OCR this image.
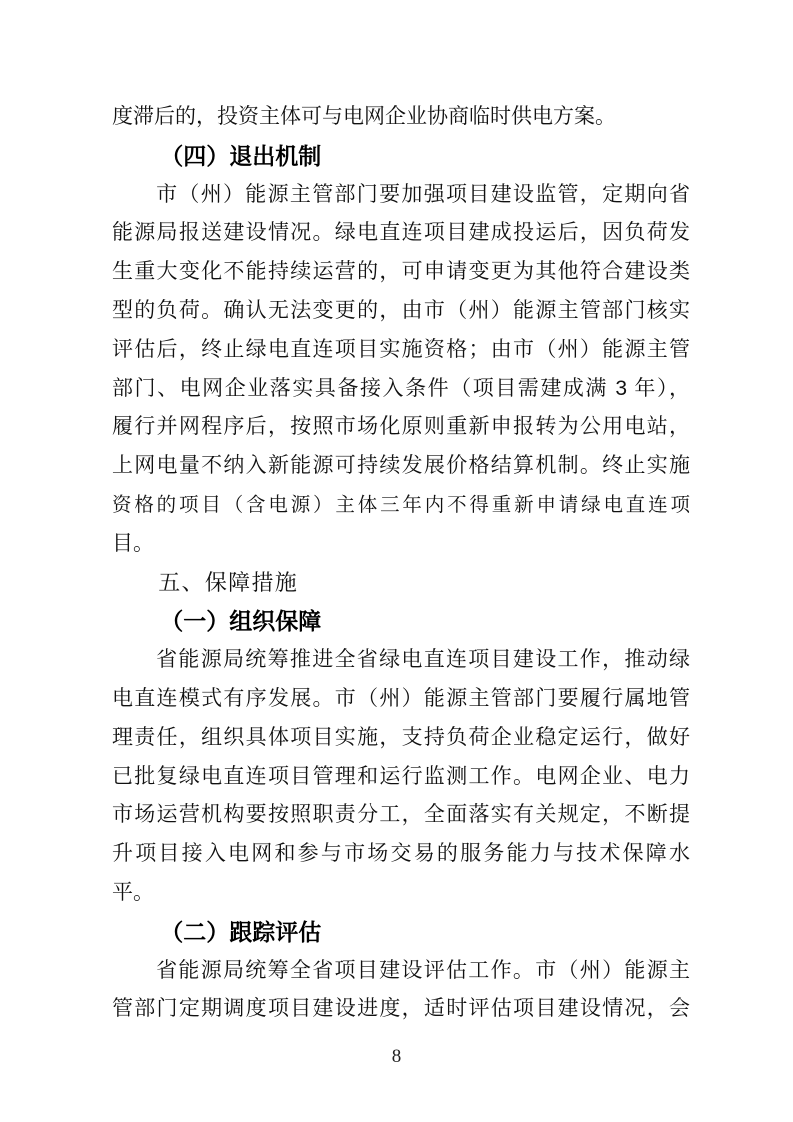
度滞后的，投资主体可与电网企业协商临时供电方案。
（四）退出机制
市（州）能源主管部门要加强项目建设监管，定期向省
能源局报送建设情况。绿电直连项目建成投运后，因负荷发
生重大变化不能持续运营的，可申请变更为其他符合建设类
型的负荷。确认无法变更的，由市（州）能源主管部门核实
评估后，终止绿电直连项目实施资格；由市（州）能源主管
部门、电网企业落实具备接入条件（项目需建成满 3 年），
履行并网程序后，按照市场化原则重新申报转为公用电站，
上网电量不纳入新能源可持续发展价格结算机制。终止实施
资格的项目（含电源）主体三年内不得重新申请绿电直连项
目。
五、保障措施
（一）组织保障
省能源局统筹推进全省绿电直连项目建设工作，推动绿
电直连模式有序发展。市（州）能源主管部门要履行属地管
理责任，组织具体项目实施，支持负荷企业稳定运行，做好
已批复绿电直连项目管理和运行监测工作。电网企业、电力
市场运营机构要按照职责分工，全面落实有关规定，不断提
升项目接入电网和参与市场交易的服务能力与技术保障水
平。
（二）跟踪评估
省能源局统筹全省项目建设评估工作。市（州）能源主
管部门定期调度项目建设进度，适时评估项目建设情况，会
8
